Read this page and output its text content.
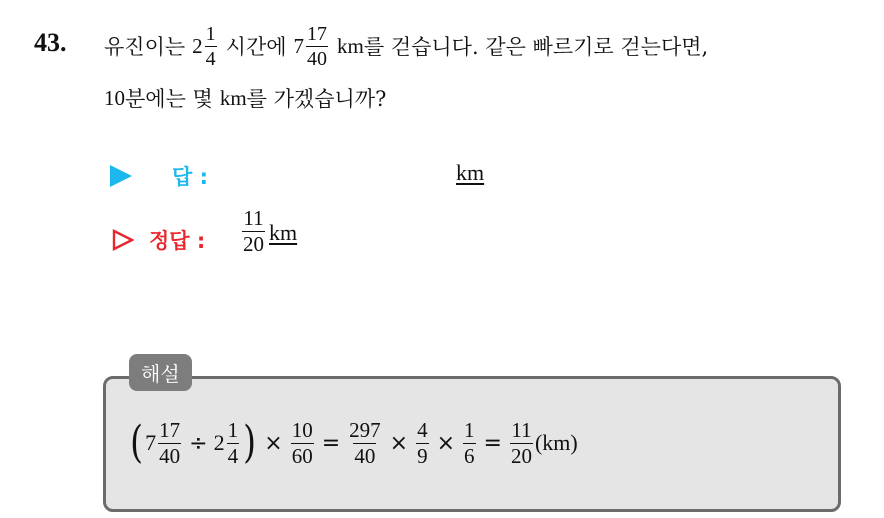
43. 유진이는 $2 \frac{1}{4}$ 시간에 $7 \frac{17}{40}$ km 를 걷습니다. 같은 빠르기로 걷는다면,
10 분에는 몇 km 를 가겠습니까?
답 :	km
정답 : $\frac{11}{20}$ km
해설
( $7 \frac{17}{40} \div 2 \frac{1}{4}$ ) × $\frac{10}{60} = \frac{297}{40} \times \frac{4}{9} \times \frac{1}{6} = \frac{11}{20} (km)$
